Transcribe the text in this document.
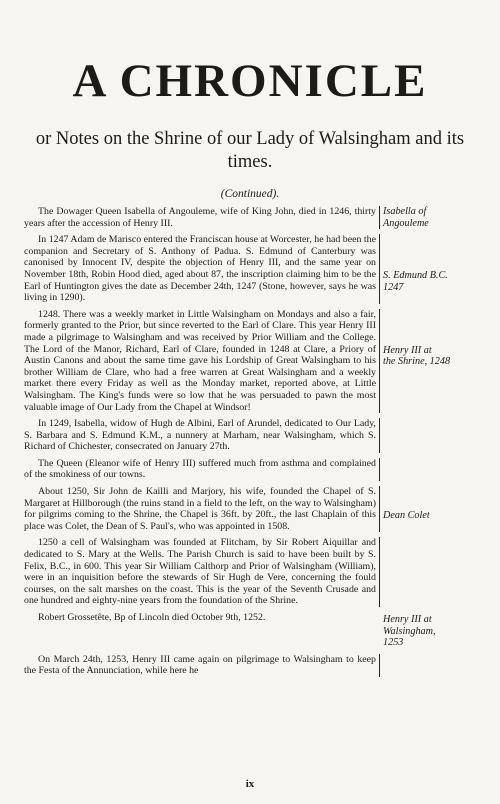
A CHRONICLE
or Notes on the Shrine of our Lady of Walsingham and its times.
(Continued).
The Dowager Queen Isabella of Angouleme, wife of King John, died in 1246, thirty years after the accession of Henry III.
Isabella of
Angouleme
In 1247 Adam de Marisco entered the Franciscan house at Worcester, he had been the companion and Secretary of S. Anthony of Padua. S. Edmund of Canterbury was canonised by Innocent IV, despite the objection of Henry III, and the same year on November 18th, Robin Hood died, aged about 87, the inscription claiming him to be the Earl of Huntington gives the date as December 24th, 1247 (Stone, however, says he was living in 1290).
S. Edmund B.C.
1247
1248. There was a weekly market in Little Walsingham on Mondays and also a fair, formerly granted to the Prior, but since reverted to the Earl of Clare. This year Henry III made a pilgrimage to Walsingham and was received by Prior William and the College. The Lord of the Manor, Richard, Earl of Clare, founded in 1248 at Clare, a Priory of Austin Canons and about the same time gave his Lordship of Great Walsingham to his brother William de Clare, who had a free warren at Great Walsingham and a weekly market there every Friday as well as the Monday market, reported above, at Little Walsingham. The King's funds were so low that he was persuaded to pawn the most valuable image of Our Lady from the Chapel at Windsor!
Henry III at
the Shrine, 1248
In 1249, Isabella, widow of Hugh de Albini, Earl of Arundel, dedicated to Our Lady, S. Barbara and S. Edmund K.M., a nunnery at Marham, near Walsingham, which S. Richard of Chichester, consecrated on January 27th.
The Queen (Eleanor wife of Henry III) suffered much from asthma and complained of the smokiness of our towns.
About 1250, Sir John de Kailli and Marjory, his wife, founded the Chapel of S. Margaret at Hillborough (the ruins stand in a field to the left, on the way to Walsingham) for pilgrims coming to the Shrine, the Chapel is 36ft. by 20ft., the last Chaplain of this place was Colet, the Dean of S. Paul's, who was appointed in 1508.
Dean Colet
1250 a cell of Walsingham was founded at Flitcham, by Sir Robert Aiquillar and dedicated to S. Mary at the Wells. The Parish Church is said to have been built by S. Felix, B.C., in 600. This year Sir William Calthorp and Prior of Walsingham (William), were in an inquisition before the stewards of Sir Hugh de Vere, concerning the fould courses, on the salt marshes on the coast. This is the year of the Seventh Crusade and one hundred and eighty-nine years from the foundation of the Shrine.
Robert Grossetête, Bp of Lincoln died October 9th, 1252.	Henry III at
Walsingham,
1253
On March 24th, 1253, Henry III came again on pilgrimage to Walsingham to keep the Festa of the Annunciation, while here he
ix
